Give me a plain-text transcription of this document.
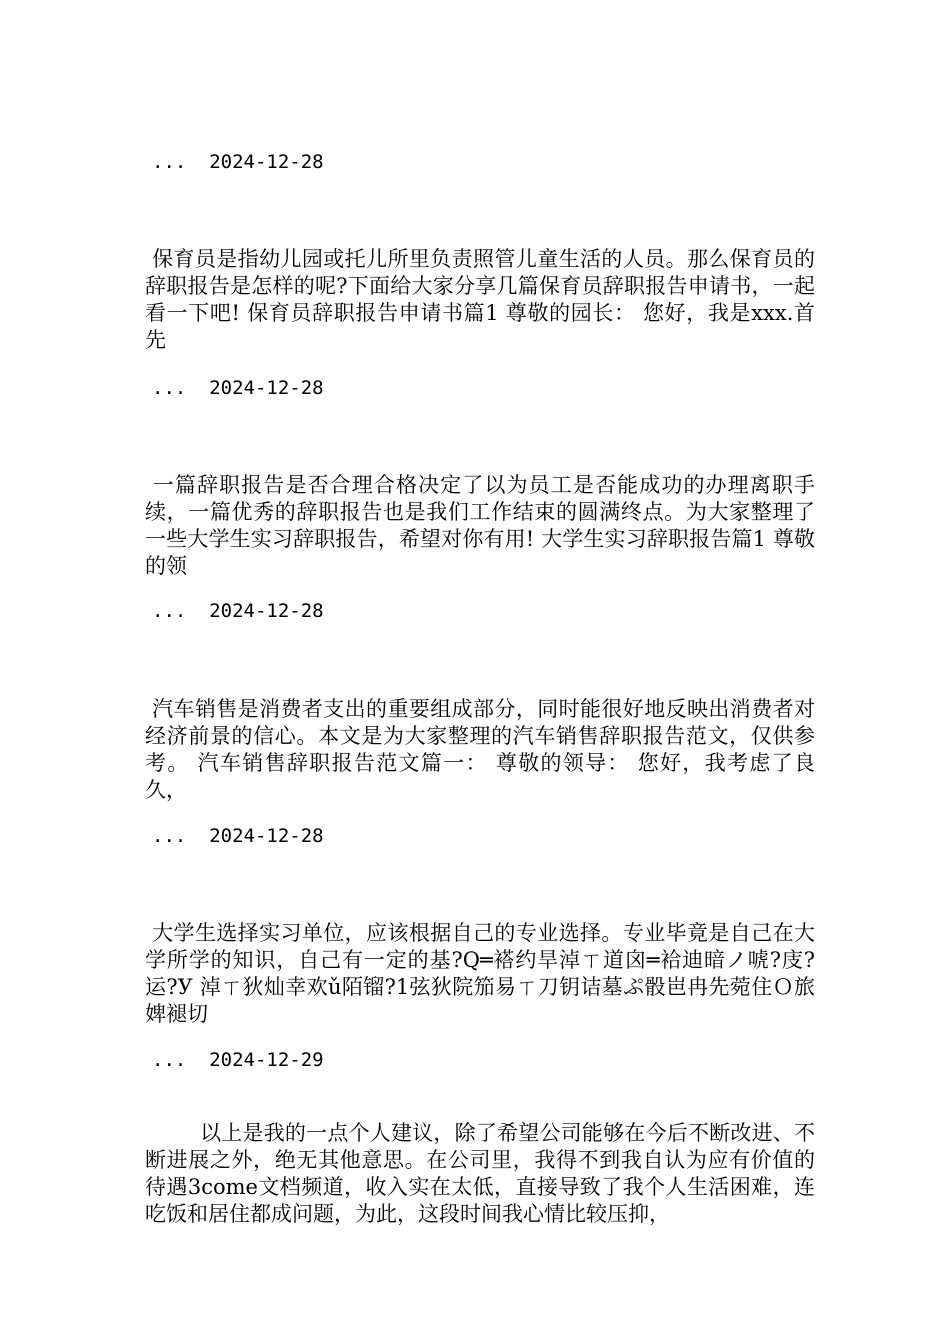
...  2024-12-28
保育员是指幼儿园或托儿所里负责照管儿童生活的人员。那么保育员的辞职报告是怎样的呢?下面给大家分享几篇保育员辞职报告申请书，一起看一下吧! 保育员辞职报告申请书篇1 尊敬的园长： 您好，我是xxx.首先
...  2024-12-28
一篇辞职报告是否合理合格决定了以为员工是否能成功的办理离职手续，一篇优秀的辞职报告也是我们工作结束的圆满终点。为大家整理了一些大学生实习辞职报告，希望对你有用! 大学生实习辞职报告篇1 尊敬的领
...  2024-12-28
汽车销售是消费者支出的重要组成部分，同时能很好地反映出消费者对经济前景的信心。本文是为大家整理的汽车销售辞职报告范文，仅供参考。 汽车销售辞职报告范文篇一： 尊敬的领导： 您好，我考虑了良久，
...  2024-12-28
大学生选择实习单位，应该根据自己的专业选择。专业毕竟是自己在大学所学的知识，自己有一定的基?Q═褡约旱淖ㄒ道囟═袷迪暗ノ唬?庋?运?У 淖ㄒ狄灿幸欢ǔ陌镏?1弦狄院笳易ㄒ刀钥诘墓ぷ骰岜冉先菀住Ｏ旅婢褪切
...  2024-12-29
以上是我的一点个人建议，除了希望公司能够在今后不断改进、不断进展之外，绝无其他意思。在公司里，我得不到我自认为应有价值的待遇3come文档频道，收入实在太低，直接导致了我个人生活困难，连吃饭和居住都成问题，为此，这段时间我心情比较压抑，
